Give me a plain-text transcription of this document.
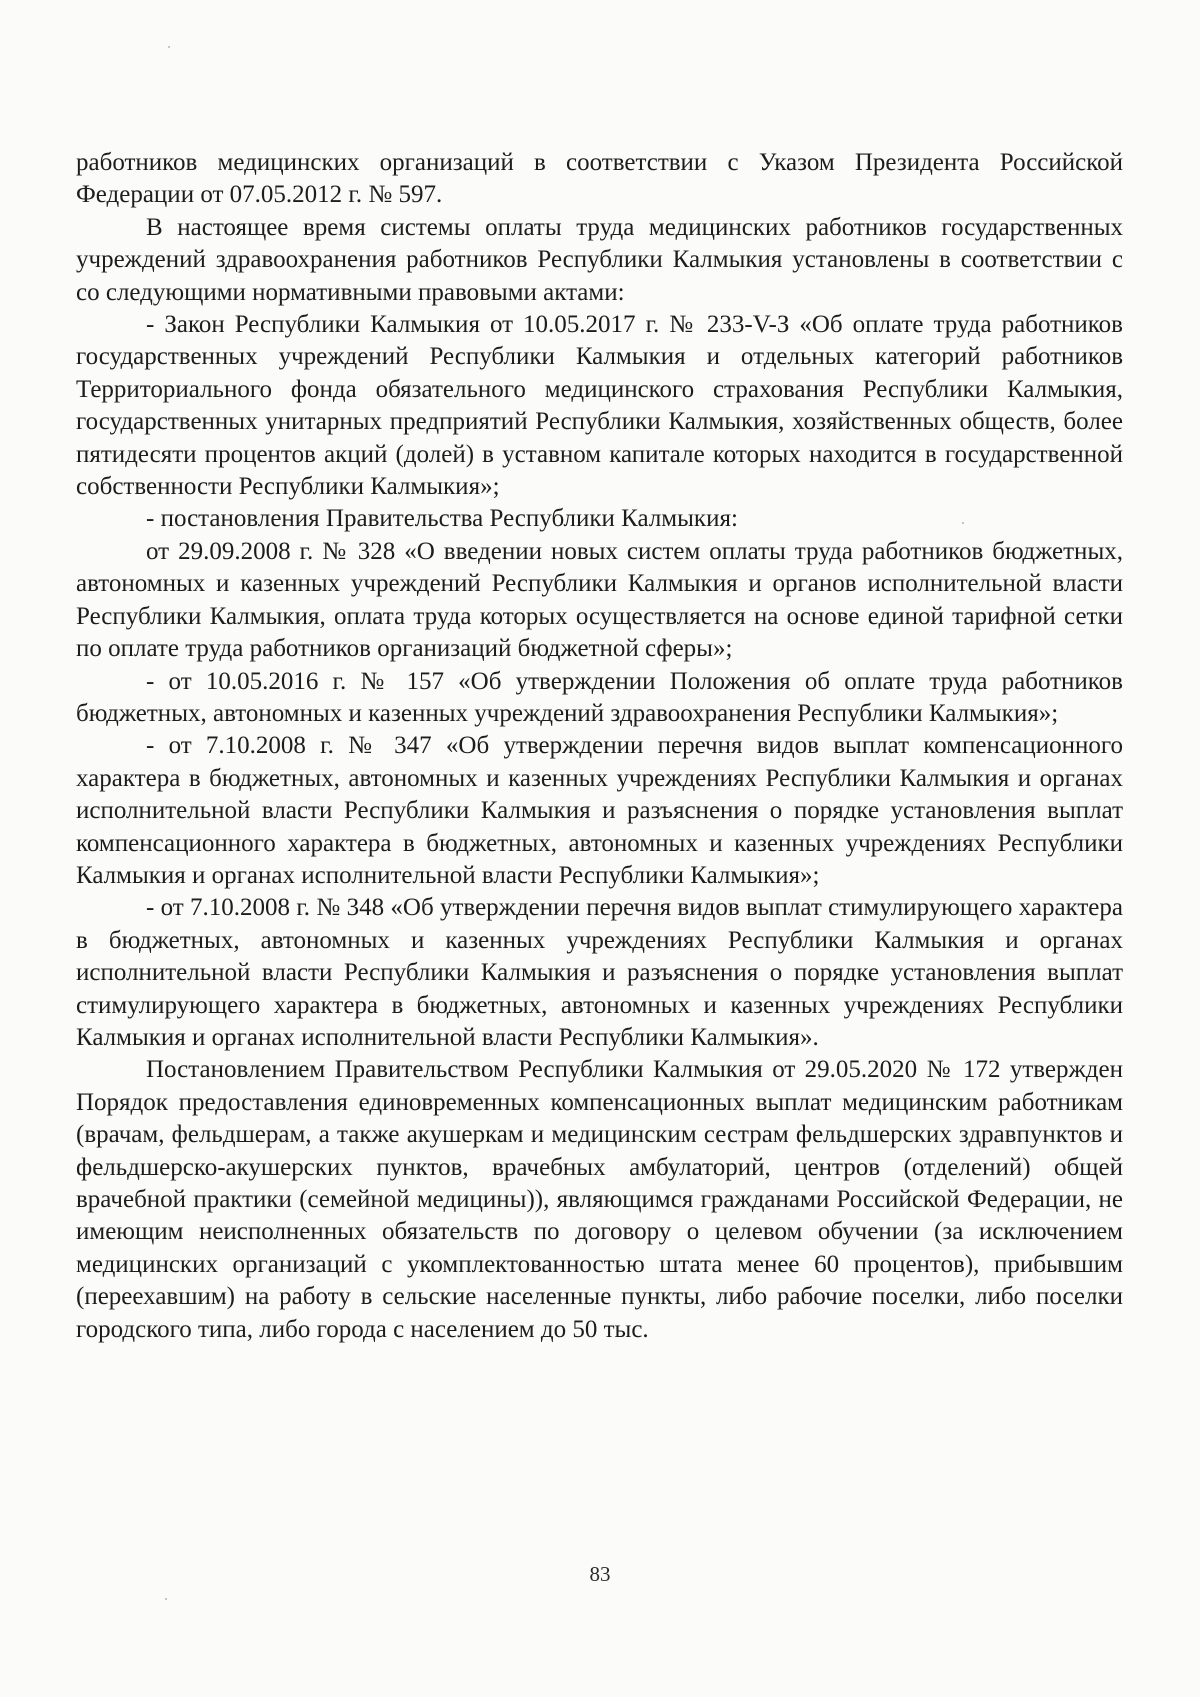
работников медицинских организаций в соответствии с Указом Президента Российской Федерации от 07.05.2012 г. № 597.

В настоящее время системы оплаты труда медицинских работников государственных учреждений здравоохранения работников Республики Калмыкия установлены в соответствии с со следующими нормативными правовыми актами:

- Закон Республики Калмыкия от 10.05.2017 г. № 233-V-З «Об оплате труда работников государственных учреждений Республики Калмыкия и отдельных категорий работников Территориального фонда обязательного медицинского страхования Республики Калмыкия, государственных унитарных предприятий Республики Калмыкия, хозяйственных обществ, более пятидесяти процентов акций (долей) в уставном капитале которых находится в государственной собственности Республики Калмыкия»;

- постановления Правительства Республики Калмыкия:

от 29.09.2008 г. № 328 «О введении новых систем оплаты труда работников бюджетных, автономных и казенных учреждений Республики Калмыкия и органов исполнительной власти Республики Калмыкия, оплата труда которых осуществляется на основе единой тарифной сетки по оплате труда работников организаций бюджетной сферы»;

- от 10.05.2016 г. № 157 «Об утверждении Положения об оплате труда работников бюджетных, автономных и казенных учреждений здравоохранения Республики Калмыкия»;

- от 7.10.2008 г. № 347 «Об утверждении перечня видов выплат компенсационного характера в бюджетных, автономных и казенных учреждениях Республики Калмыкия и органах исполнительной власти Республики Калмыкия и разъяснения о порядке установления выплат компенсационного характера в бюджетных, автономных и казенных учреждениях Республики Калмыкия и органах исполнительной власти Республики Калмыкия»;

- от 7.10.2008 г. № 348 «Об утверждении перечня видов выплат стимулирующего характера в бюджетных, автономных и казенных учреждениях Республики Калмыкия и органах исполнительной власти Республики Калмыкия и разъяснения о порядке установления выплат стимулирующего характера в бюджетных, автономных и казенных учреждениях Республики Калмыкия и органах исполнительной власти Республики Калмыкия».

Постановлением Правительством Республики Калмыкия от 29.05.2020 № 172 утвержден Порядок предоставления единовременных компенсационных выплат медицинским работникам (врачам, фельдшерам, а также акушеркам и медицинским сестрам фельдшерских здравпунктов и фельдшерско-акушерских пунктов, врачебных амбулаторий, центров (отделений) общей врачебной практики (семейной медицины)), являющимся гражданами Российской Федерации, не имеющим неисполненных обязательств по договору о целевом обучении (за исключением медицинских организаций с укомплектованностью штата менее 60 процентов), прибывшим (переехавшим) на работу в сельские населенные пункты, либо рабочие поселки, либо поселки городского типа, либо города с населением до 50 тыс.

83
